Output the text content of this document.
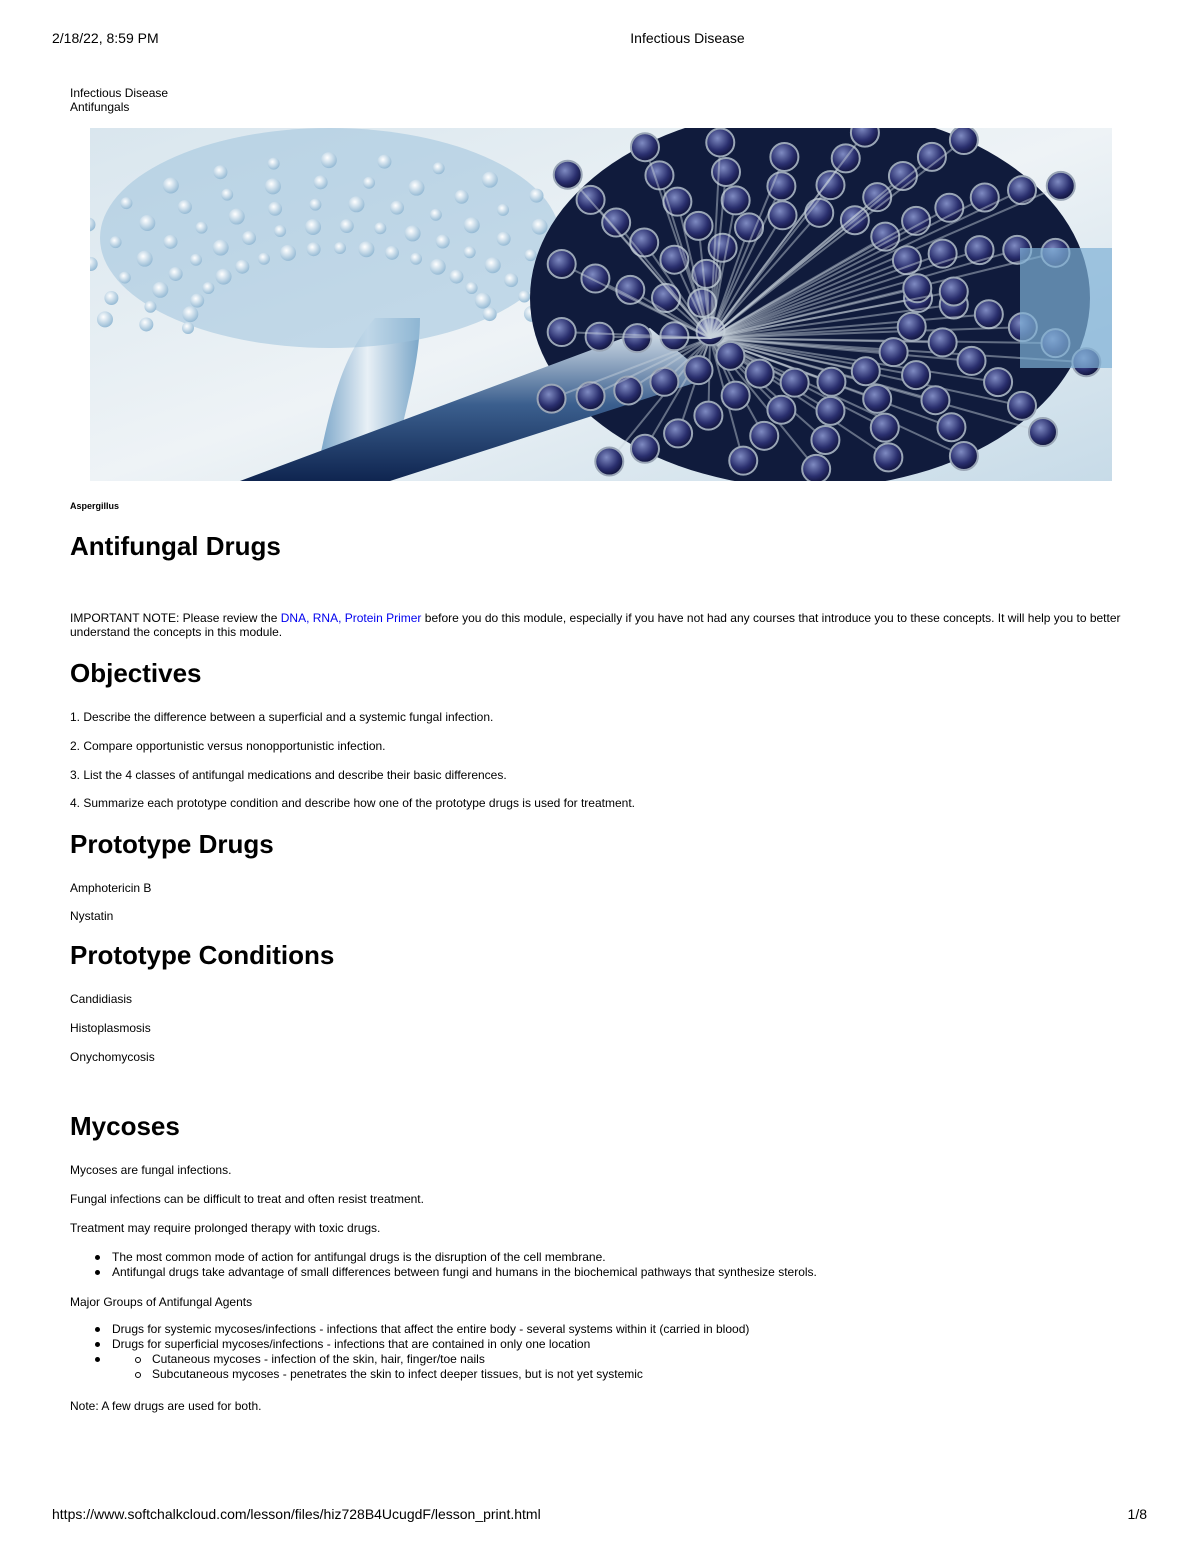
2/18/22, 8:59 PM	Infectious Disease
Infectious Disease
Antifungals
Aspergillus
Antifungal Drugs

IMPORTANT NOTE: Please review the DNA, RNA, Protein Primer before you do this module, especially if you have not had any courses that introduce you to these concepts. It will help you to better understand the concepts in this module.

Objectives

1. Describe the difference between a superficial and a systemic fungal infection.

2. Compare opportunistic versus nonopportunistic infection.

3. List the 4 classes of antifungal medications and describe their basic differences.

4. Summarize each prototype condition and describe how one of the prototype drugs is used for treatment.

Prototype Drugs

Amphotericin B

Nystatin

Prototype Conditions

Candidiasis

Histoplasmosis

Onychomycosis

Mycoses

Mycoses are fungal infections.

Fungal infections can be difficult to treat and often resist treatment.

Treatment may require prolonged therapy with toxic drugs.

The most common mode of action for antifungal drugs is the disruption of the cell membrane.
Antifungal drugs take advantage of small differences between fungi and humans in the biochemical pathways that synthesize sterols.

Major Groups of Antifungal Agents

Drugs for systemic mycoses/infections - infections that affect the entire body - several systems within it (carried in blood)
Drugs for superficial mycoses/infections - infections that are contained in only one location
Cutaneous mycoses - infection of the skin, hair, finger/toe nails
Subcutaneous mycoses - penetrates the skin to infect deeper tissues, but is not yet systemic

Note: A few drugs are used for both.

https://www.softchalkcloud.com/lesson/files/hiz728B4UcugdF/lesson_print.html	1/8
